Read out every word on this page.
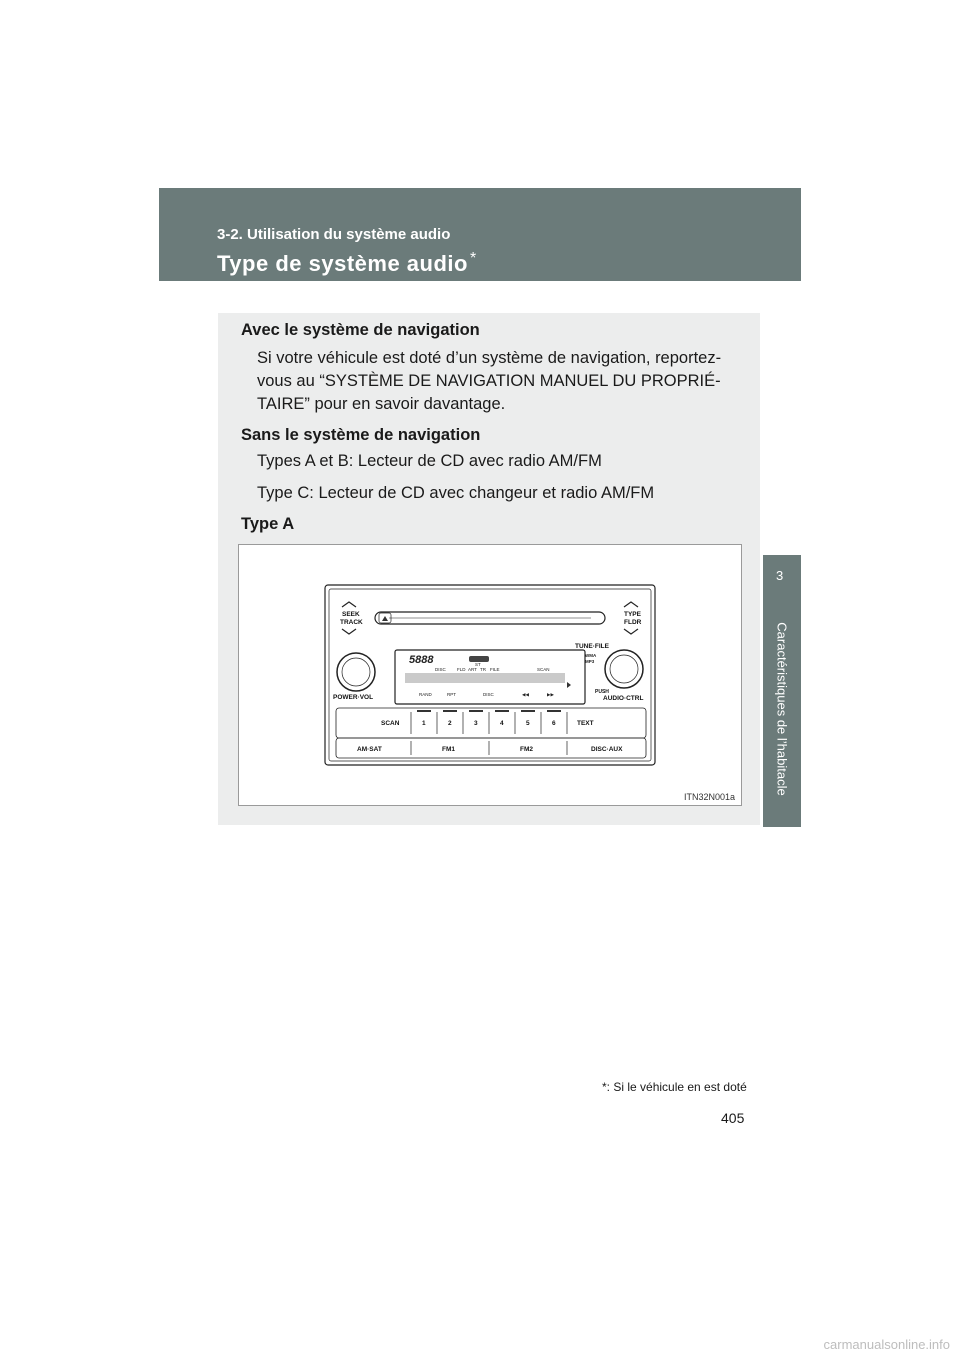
3-2. Utilisation du système audio
Type de système audio *
Caractéristiques de l’habitacle
3
Avec le système de navigation
Si votre véhicule est doté d’un système de navigation, reportez-
vous au “SYSTÈME DE NAVIGATION MANUEL DU PROPRIÉ-
TAIRE” pour en savoir davantage.
Sans le système de navigation
Types A et B: Lecteur de CD avec radio AM/FM
Type C: Lecteur de CD avec changeur et radio AM/FM
Type A
SEEK
TRACK
TYPE
FLDR
TUNE·FILE
POWER·VOL
PUSH
AUDIO·CTRL
SCAN	1	2	3	4	5	6	TEXT
AM·SAT	FM1	FM2	DISC·AUX
5888	ST
DISC FLD ART TR FILE	SCAN
RAND	RPT	DISC
WMA
MP3
◀◀	▶▶
ITN32N001a
*: Si le véhicule en est doté
405
carmanualsonline.info
